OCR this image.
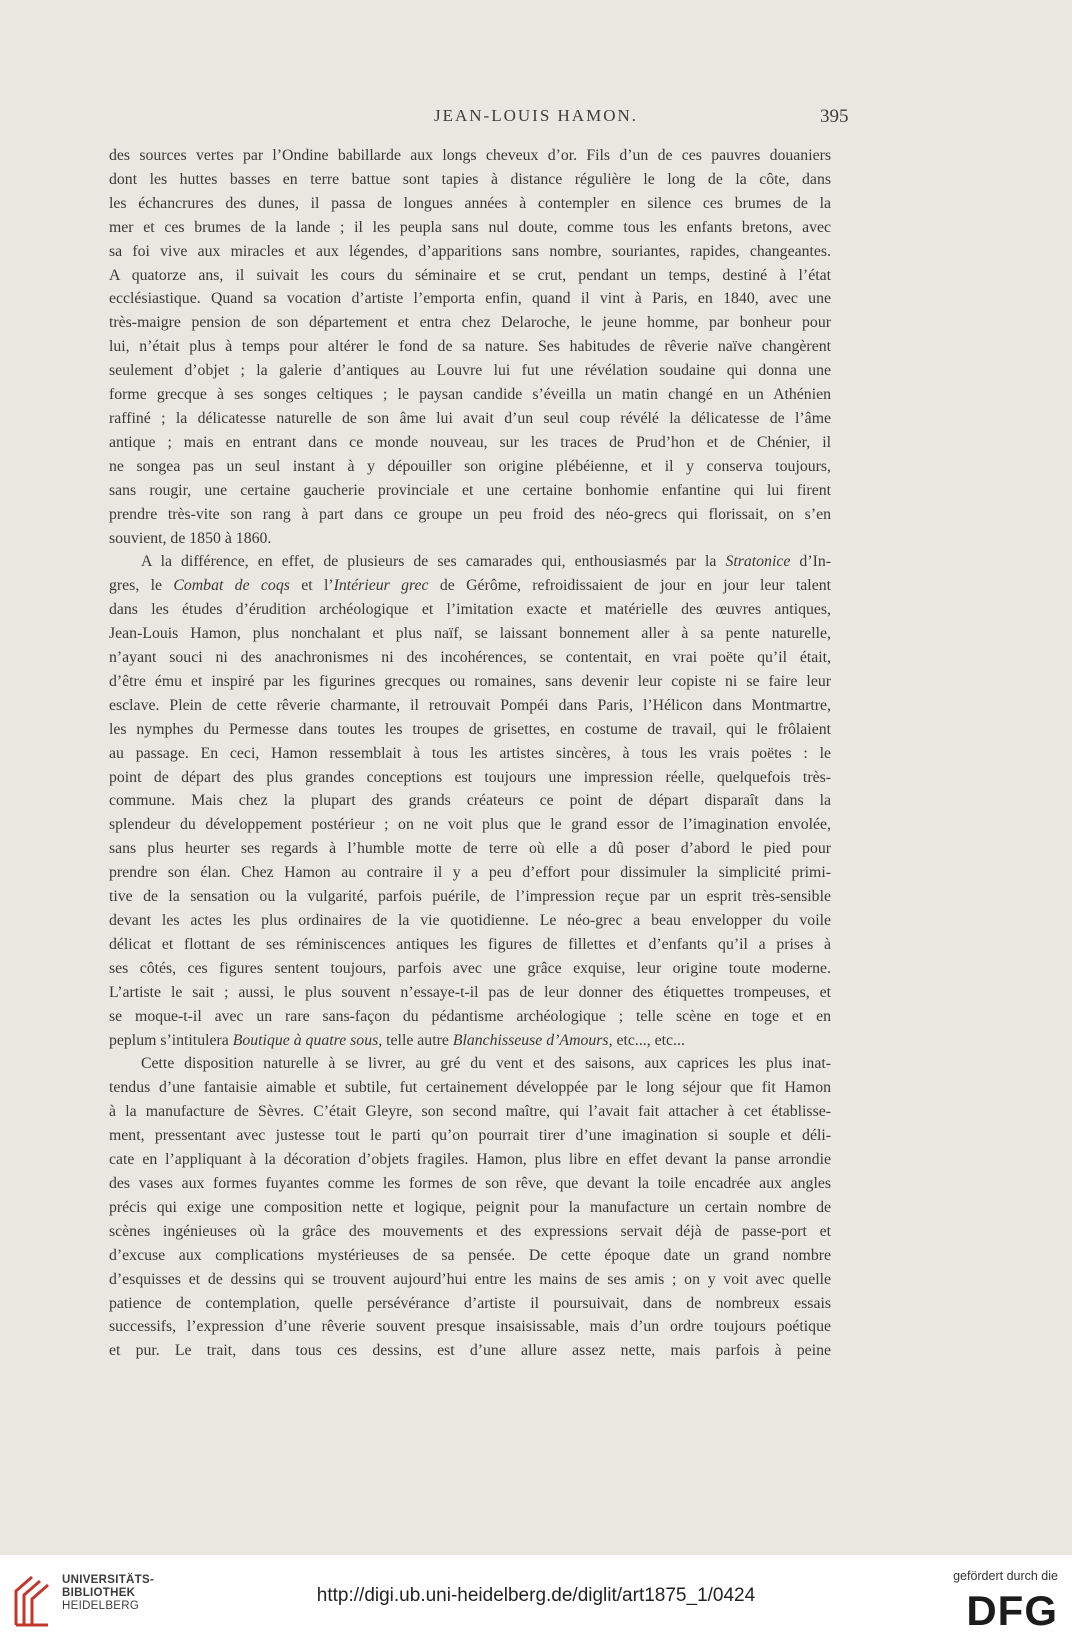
JEAN-LOUIS HAMON.	395

des sources vertes par l’Ondine babillarde aux longs cheveux d’or. Fils d’un de ces pauvres douaniers

dont les huttes basses en terre battue sont tapies à distance régulière le long de la côte, dans

les échancrures des dunes, il passa de longues années à contempler en silence ces brumes de la

mer et ces brumes de la lande ; il les peupla sans nul doute, comme tous les enfants bretons, avec

sa foi vive aux miracles et aux légendes, d’apparitions sans nombre, souriantes, rapides, changeantes.

A quatorze ans, il suivait les cours du séminaire et se crut, pendant un temps, destiné à l’état

ecclésiastique. Quand sa vocation d’artiste l’emporta enfin, quand il vint à Paris, en 1840, avec une

très-maigre pension de son département et entra chez Delaroche, le jeune homme, par bonheur pour

lui, n’était plus à temps pour altérer le fond de sa nature. Ses habitudes de rêverie naïve changèrent

seulement d’objet ; la galerie d’antiques au Louvre lui fut une révélation soudaine qui donna une

forme grecque à ses songes celtiques ; le paysan candide s’éveilla un matin changé en un Athénien

raffiné ; la délicatesse naturelle de son âme lui avait d’un seul coup révélé la délicatesse de l’âme

antique ; mais en entrant dans ce monde nouveau, sur les traces de Prud’hon et de Chénier, il

ne songea pas un seul instant à y dépouiller son origine plébéienne, et il y conserva toujours,

sans rougir, une certaine gaucherie provinciale et une certaine bonhomie enfantine qui lui firent

prendre très-vite son rang à part dans ce groupe un peu froid des néo-grecs qui florissait, on s’en

souvient, de 1850 à 1860.

A la différence, en effet, de plusieurs de ses camarades qui, enthousiasmés par la Stratonice d’In-

gres, le Combat de coqs et l’Intérieur grec de Gérôme, refroidissaient de jour en jour leur talent

dans les études d’érudition archéologique et l’imitation exacte et matérielle des œuvres antiques,

Jean-Louis Hamon, plus nonchalant et plus naïf, se laissant bonnement aller à sa pente naturelle,

n’ayant souci ni des anachronismes ni des incohérences, se contentait, en vrai poëte qu’il était,

d’être ému et inspiré par les figurines grecques ou romaines, sans devenir leur copiste ni se faire leur

esclave. Plein de cette rêverie charmante, il retrouvait Pompéi dans Paris, l’Hélicon dans Montmartre,

les nymphes du Permesse dans toutes les troupes de grisettes, en costume de travail, qui le frôlaient

au passage. En ceci, Hamon ressemblait à tous les artistes sincères, à tous les vrais poëtes : le

point de départ des plus grandes conceptions est toujours une impression réelle, quelquefois très-

commune. Mais chez la plupart des grands créateurs ce point de départ disparaît dans la

splendeur du développement postérieur ; on ne voit plus que le grand essor de l’imagination envolée,

sans plus heurter ses regards à l’humble motte de terre où elle a dû poser d’abord le pied pour

prendre son élan. Chez Hamon au contraire il y a peu d’effort pour dissimuler la simplicité primi-

tive de la sensation ou la vulgarité, parfois puérile, de l’impression reçue par un esprit très-sensible

devant les actes les plus ordinaires de la vie quotidienne. Le néo-grec a beau envelopper du voile

délicat et flottant de ses réminiscences antiques les figures de fillettes et d’enfants qu’il a prises à

ses côtés, ces figures sentent toujours, parfois avec une grâce exquise, leur origine toute moderne.

L’artiste le sait ; aussi, le plus souvent n’essaye-t-il pas de leur donner des étiquettes trompeuses, et

se moque-t-il avec un rare sans-façon du pédantisme archéologique ; telle scène en toge et en

peplum s’intitulera Boutique à quatre sous, telle autre Blanchisseuse d’Amours, etc..., etc...

Cette disposition naturelle à se livrer, au gré du vent et des saisons, aux caprices les plus inat-

tendus d’une fantaisie aimable et subtile, fut certainement développée par le long séjour que fit Hamon

à la manufacture de Sèvres. C’était Gleyre, son second maître, qui l’avait fait attacher à cet établisse-

ment, pressentant avec justesse tout le parti qu’on pourrait tirer d’une imagination si souple et déli-

cate en l’appliquant à la décoration d’objets fragiles. Hamon, plus libre en effet devant la panse arrondie

des vases aux formes fuyantes comme les formes de son rêve, que devant la toile encadrée aux angles

précis qui exige une composition nette et logique, peignit pour la manufacture un certain nombre de

scènes ingénieuses où la grâce des mouvements et des expressions servait déjà de passe-port et

d’excuse aux complications mystérieuses de sa pensée. De cette époque date un grand nombre

d’esquisses et de dessins qui se trouvent aujourd’hui entre les mains de ses amis ; on y voit avec quelle

patience de contemplation, quelle persévérance d’artiste il poursuivait, dans de nombreux essais

successifs, l’expression d’une rêverie souvent presque insaisissable, mais d’un ordre toujours poétique

et pur. Le trait, dans tous ces dessins, est d’une allure assez nette, mais parfois à peine

UNIVERSITÄTS-
BIBLIOTHEK
HEIDELBERG	http://digi.ub.uni-heidelberg.de/diglit/art1875_1/0424
gefördert durch die
DFG
